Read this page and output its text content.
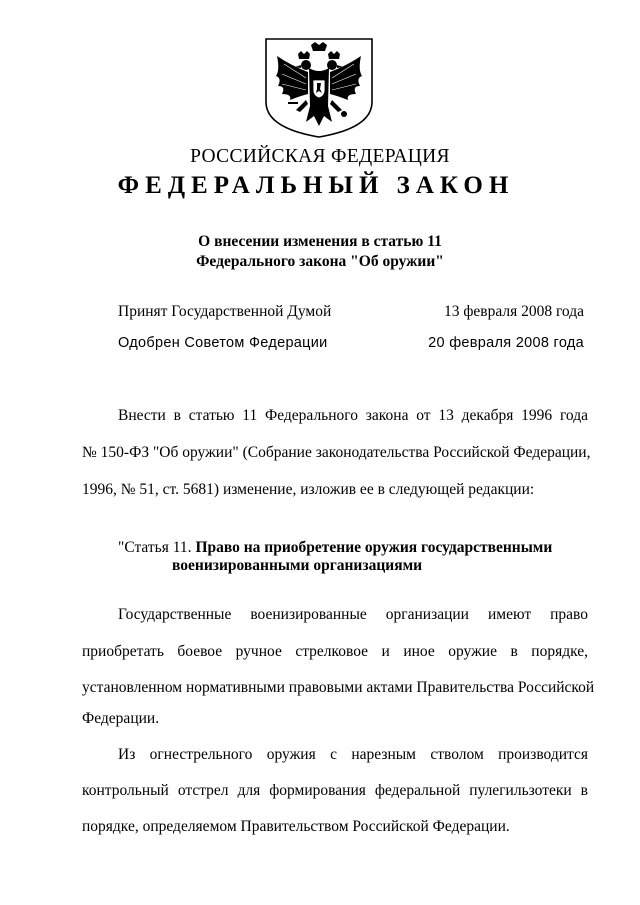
РОССИЙСКАЯ ФЕДЕРАЦИЯ
ФЕДЕРАЛЬНЫЙ ЗАКОН
О внесении изменения в статью 11
Федерального закона "Об оружии"
Принят Государственной Думой	13 февраля 2008 года
Одобрен Советом Федерации	20 февраля 2008 года
Внести в статью 11 Федерального закона от 13 декабря 1996 года
№ 150-ФЗ "Об оружии" (Собрание законодательства Российской Федерации,
1996, № 51, ст. 5681) изменение, изложив ее в следующей редакции:
"Статья 11. Право на приобретение оружия государственными
военизированными организациями
Государственные военизированные организации имеют право
приобретать боевое ручное стрелковое и иное оружие в порядке,
установленном нормативными правовыми актами Правительства Российской
Федерации.
Из огнестрельного оружия с нарезным стволом производится
контрольный отстрел для формирования федеральной пулегильзотеки в
порядке, определяемом Правительством Российской Федерации.
